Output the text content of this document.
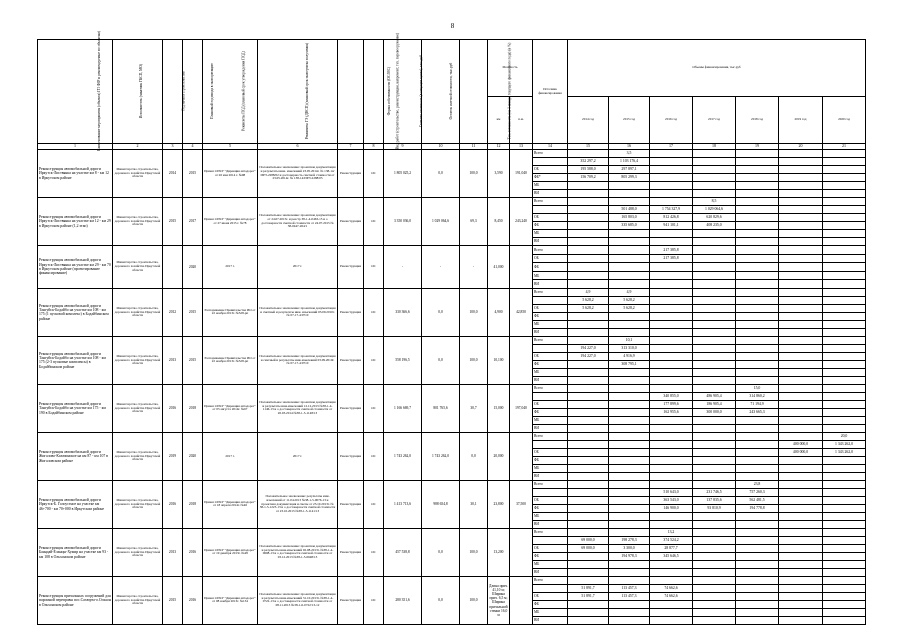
8
Наименование мероприятия (объекта) ГП ФЗР и рекомендуемые по объектам)	Исполнитель (заказчик ГКСП, МО)	Год начала строительства	Плановый год ввода в эксплуатацию	Реквизиты ПСД (плановый срок утверждения ПСД)	Реквизиты ГЭ (ДНСП) (плановый срок экспертизы получения)	Вид работ (строительство, реконструкция, капремонт, тех. перевооружение)	Форма собственности (ОС/МС)	Сметная стоимость (в текущих ценах), тыс.руб	Остаток сметной стоимости, тыс.руб	Тех. готовность (на 1 января текущего финансового года) (в %)	Мощность		Источник финансирования	Объемы финансирования, тыс.руб						
											км	п.м.		2014 год	2015 год	2016 год	2017 год	2018 год	2019 год	2020 год
1	2	3	4	5	6	7	8	9	10	11	12	13	14	15	16	17	18	19	20	21
Реконструкция автомобильной дороги Иркутск-Листвянка на участке км 8 - км 12 в Иркутском районе	Министерство строительства, дорожного хозяйства Иркутской области	2014	2015	Приказ ОГКУ "Дирекция автодорог" от 26 мая 2014 г. №98	Положительное заключение: проектная документация и результаты инж. изысканий 23.05.2014г. № 138-14/ИРЭ-2288/02 и достоверность сметной стоимости от 23.05.2014г. № 138-14/ИРЭ-2288/05	Реконструкция	ОС	1 805 025,2	0,0	100,0	3,590	191,040	Всего		3,5					
														352 297,2	1 103 176,4					
													ОБ	195 588,0	297 897,1					
													ФБ*	156 709,2	805 299,3					
													МБ							
													ВИ							
Реконструкция автомобильной дороги Иркутск-Листвянка на участке км 12 - км 29 в Иркутском районе (1,2 этап)	Министерство строительства, дорожного хозяйства Иркутской области	2015	2017	Приказ ОГКУ "Дирекция автодорог" от 27 июня 2015 г. №78	Положительное заключение: проектная документация от 24.07.2015г. и реестр 38-1-4-0463-15 и о достоверности сметной стоимости от 24.07.2015 № 38-0447-264/1	Реконструкция	ОС	3 350 036,0	1 029 064,6	69,3	8,450	243,240	Всего				8,5			
															501 488,0	1 754 327,9	1 029 064,6			
													ОБ		165 803,0	812 426,8	620 829,6			
													ФБ		335 685,0	941 101,1	408 235,0			
													МБ							
													ВИ							
Реконструкция автомобильной дороги Иркутск-Листвянка на участке км 29 - км 70 в Иркутском районе (проектирование финансирование)	Министерство строительства, дорожного хозяйства Иркутской области		2020	2017 г.	2017 г.	Реконструкция	ОС	-	-	-	41,000		Всего			217 385,8				
													ОБ			217 385,8				
													ФБ							
													МБ							
													ВИ							
Реконструкция автомобильной дороги Тангуйск-Бодайбо на участке км 108 - км 175 (1 пусковой комплекс) в Бодайбинском районе	Министерство строительства, дорожного хозяйства Иркутской области	2012	2015	Распоряжение Правительства ИО от 22 ноября 2013г. №528-рп	Положительное заключение: проектная документация и сметный и результаты инж. изысканий 03.09.2010г. № 07-17-4/0710	Реконструкция	ОС	330 366,6	0,0	100,0	4,900	42,850	Всего	4,9	4,9					
														5 628,2	5 628,2					
													ОБ	5 628,2	5 628,2					
													ФБ							
													МБ							
													ВИ							
Реконструкция автомобильной дороги Тангуйск-Бодайбо на участке км 108 - км 175 (2-3 пусковые комплексы) в Бодайбинском районе	Министерство строительства, дорожного хозяйства Иркутской области	2013	2015	Распоряжение Правительства ИО от 22 ноября 2013г. №528-рп	Положительное заключение: проектная документация и сметный и результаты инж.изысканий 03.09.2010г. № 07-17-4/0710	Реконструкция	ОС	558 196,5	0,0	100,0	10,100		Всего		10,1					
														194 227,0	313 310,0					
													ОБ	194 227,0	4 916,9					
													ФБ		308 795,1					
													МБ							
													ВИ							
Реконструкция автомобильной дороги Тангуйск-Бодайбо на участке км 175 - км 190 в Бодайбинском районе	Министерство строительства, дорожного хозяйства Иркутской области	2016	2018	Приказ ОГКУ "Дирекция автодорог" от 05 августа 2014г. №67	Положительное заключение: проектная документация и результаты инж.изысканий 12.12.2013 №38-1-4-1146-13 и о достоверности сметной стоимости от 20.03.2014 №38-1-5-1148/13	Реконструкция	ОС	1 166 669,7	801 765,6	30,7	15,000	197,040	Всего					15,0		
																340 855,0	486 905,4	314 860,2		
													ОБ			177 899,6	186 905,4	71 194,9		
													ФБ			162 955,6	300 000,0	243 665,3		
													МБ							
													ВИ							
Реконструкция автомобильной дороги Жигалово-Казачинское на км 87 - км 107 в Жигаловском районе	Министерство строительства, дорожного хозяйства Иркутской области	2019	2020	2017 г.	2017 г.	Реконструкция	ОС	1 743 262,0	1 743 262,0	0,0	20,000		Всего							20,0
																			400 000,0	1 343 262,0
													ОБ						400 000,0	1 343 262,0
													ФБ							
													МБ							
													ВИ							
Реконструкция автомобильной дороги Иркутск-Б. Голоустное на участке км 46+700 - км 70+000 в Иркутском районе	Министерство строительства, дорожного хозяйства Иркутской области	2016	2018	Приказ ОГКУ "Дирекция автодорог" от 18 апреля 2014г. №46	Положительное заключение: результаты инж. изысканий от 11.04.2013 №38-1-5-0076-13 и проектная документация и сметы от 23.10.2013г. № 38-1-5-1223-13 и о достоверности сметной стоимости от 23.10.2013 №38-1-5-1141/13	Реконструкция	ОС	1 413 713,6	988 654,8	30,1	23,800	37,500	Всего					23,8		
																510 643,0	231 746,5	757 260,3		
													ОБ			363 543,0	137 835,6	562 481,5		
													ФБ			146 900,0	93 810,9	194 778,8		
													МБ							
													ВИ							
Реконструкция автомобильной дороги Баяндай-Еланцы-Хужир на участке км 93 - км 108 в Ольхонском районе	Министерство строительства, дорожного хозяйства Иркутской области	2013	2016	Приказ ОГКУ "Дирекция автодорог" от 19 декабря 2013г. №48	Положительное заключение: проектная документация и результаты инж.изысканий 02.08.2013г. №38-1-4-0608-13 и о достоверности сметной стоимости от 03.12.2013 №38-1-5-0648/13	Реконструкция	ОС	457 538,8	0,0	100,0	13,200		Всего			13,2				
														69 000,0	198 278,3	374 524,2				
													ОБ	69 000,0	3 300,0	28 877,7				
													ФБ		194 978,3	345 646,5				
													МБ							
													ВИ							
Реконструкция причальных сооружений для паромной переправы пос.Сахюрта-о.Ольхон в Ольхонском районе	Министерство строительства, дорожного хозяйства Иркутской области	2015	2016	Приказ ОГКУ "Дирекция автодорог" от 08 ноября 2013г. №134	Положительное заключение: проектная документация и результаты инж.изысканий 31.10.2013г. №38-1-4-0722-13 и о достоверности сметной стоимости от 08.11.2013 №38-1-6-0722/13-12	Реконструкция	ОС	280 351,6	0,0	100,0	Длина прич. 41,10 м; Ширина прич. 6,5 м; Ширина причальной стенки 16,0 м		Всего							
														51 891,7	113 457,3	74 662,6				
													ОБ	51 891,7	113 457,3	74 662,6				
													ФБ							
													МБ							
													ВИ							
